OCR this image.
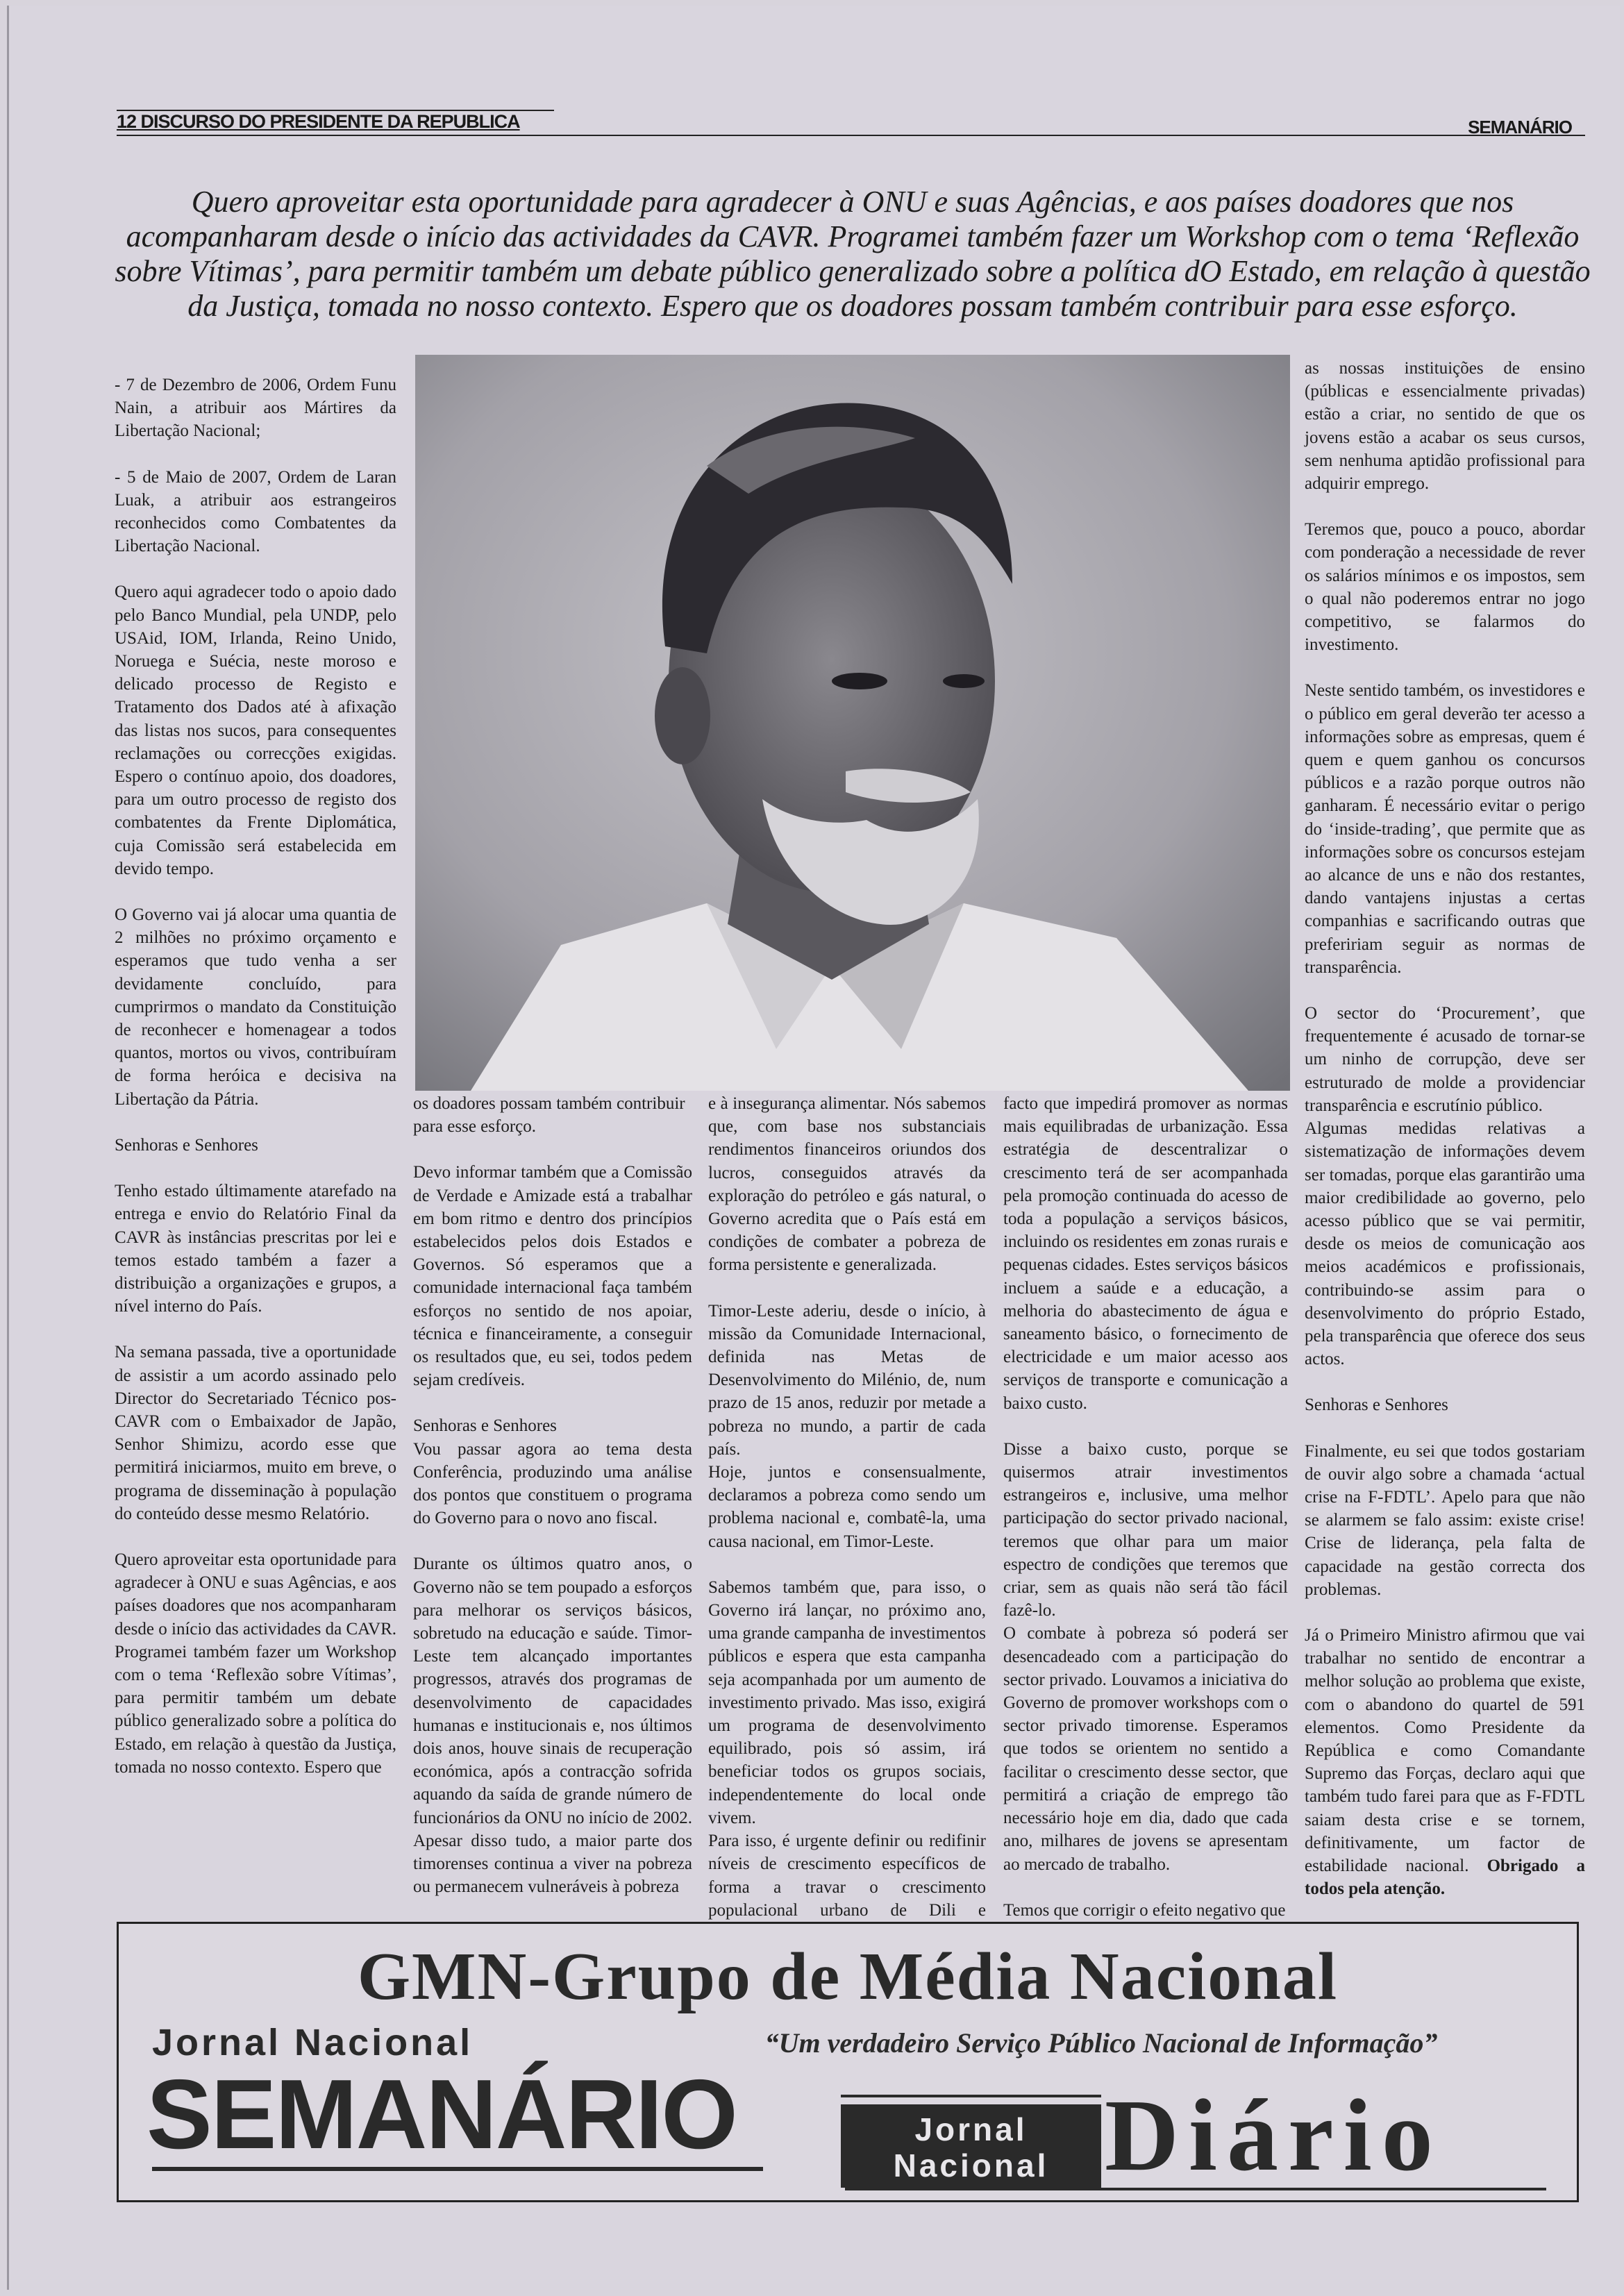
12 DISCURSO DO PRESIDENTE DA REPUBLICA	SEMANÁRIO
Quero aproveitar esta oportunidade para agradecer à ONU e suas Agências, e aos países doadores que nos acompanharam desde o início das actividades da CAVR. Programei também fazer um Workshop com o tema ‘Reflexão sobre Vítimas’, para permitir também um debate público generalizado sobre a política dO Estado, em relação à questão da Justiça, tomada no nosso contexto. Espero que os doadores possam também contribuir para esse esforço.

- 7 de Dezembro de 2006, Ordem Funu Nain, a atribuir aos Mártires da Libertação Nacional;

- 5 de Maio de 2007, Ordem de Laran Luak, a atribuir aos estrangeiros reconhecidos como Combatentes da Libertação Nacional.

Quero aqui agradecer todo o apoio dado pelo Banco Mundial, pela UNDP, pelo USAid, IOM, Irlanda, Reino Unido, Noruega e Suécia, neste moroso e delicado processo de Registo e Tratamento dos Dados até à afixação das listas nos sucos, para consequentes reclamações ou correcções exigidas. Espero o contínuo apoio, dos doadores, para um outro processo de registo dos combatentes da Frente Diplomática, cuja Comissão será estabelecida em devido tempo.

O Governo vai já alocar uma quantia de 2 milhões no próximo orçamento e esperamos que tudo venha a ser devidamente concluído, para cumprirmos o mandato da Constituição de reconhecer e homenagear a todos quantos, mortos ou vivos, contribuíram de forma heróica e decisiva na Libertação da Pátria.

Senhoras e Senhores

Tenho estado últimamente atarefado na entrega e envio do Relatório Final da CAVR às instâncias prescritas por lei e temos estado também a fazer a distribuição a organizações e grupos, a nível interno do País.

Na semana passada, tive a oportunidade de assistir a um acordo assinado pelo Director do Secretariado Técnico pos-CAVR com o Embaixador de Japão, Senhor Shimizu, acordo esse que permitirá iniciarmos, muito em breve, o programa de disseminação à população do conteúdo desse mesmo Relatório.

Quero aproveitar esta oportunidade para agradecer à ONU e suas Agências, e aos países doadores que nos acompanharam desde o início das actividades da CAVR. Programei também fazer um Workshop com o tema ‘Reflexão sobre Vítimas’, para permitir também um debate público generalizado sobre a política do Estado, em relação à questão da Justiça, tomada no nosso contexto. Espero que

os doadores possam também contribuir para esse esforço.

Devo informar também que a Comissão de Verdade e Amizade está a trabalhar em bom ritmo e dentro dos princípios estabelecidos pelos dois Estados e Governos. Só esperamos que a comunidade internacional faça também esforços no sentido de nos apoiar, técnica e financeiramente, a conseguir os resultados que, eu sei, todos pedem sejam credíveis.

Senhoras e Senhores

Vou passar agora ao tema desta Conferência, produzindo uma análise dos pontos que constituem o programa do Governo para o novo ano fiscal.

Durante os últimos quatro anos, o Governo não se tem poupado a esforços para melhorar os serviços básicos, sobretudo na educação e saúde. Timor-Leste tem alcançado importantes progressos, através dos programas de desenvolvimento de capacidades humanas e institucionais e, nos últimos dois anos, houve sinais de recuperação económica, após a contracção sofrida aquando da saída de grande número de funcionários da ONU no início de 2002.

Apesar disso tudo, a maior parte dos timorenses continua a viver na pobreza ou permanecem vulneráveis à pobreza

e à insegurança alimentar. Nós sabemos que, com base nos substanciais rendimentos financeiros oriundos dos lucros, conseguidos através da exploração do petróleo e gás natural, o Governo acredita que o País está em condições de combater a pobreza de forma persistente e generalizada.

Timor-Leste aderiu, desde o início, à missão da Comunidade Internacional, definida nas Metas de Desenvolvimento do Milénio, de, num prazo de 15 anos, reduzir por metade a pobreza no mundo, a partir de cada país.

Hoje, juntos e consensualmente, declaramos a pobreza como sendo um problema nacional e, combatê-la, uma causa nacional, em Timor-Leste.

Sabemos também que, para isso, o Governo irá lançar, no próximo ano, uma grande campanha de investimentos públicos e espera que esta campanha seja acompanhada por um aumento de investimento privado. Mas isso, exigirá um programa de desenvolvimento equilibrado, pois só assim, irá beneficiar todos os grupos sociais, independentemente do local onde vivem.

Para isso, é urgente definir ou redifinir níveis de crescimento específicos de forma a travar o crescimento populacional urbano de Dili e

facto que impedirá promover as normas mais equilibradas de urbanização. Essa estratégia de descentralizar o crescimento terá de ser acompanhada pela promoção continuada do acesso de toda a população a serviços básicos, incluindo os residentes em zonas rurais e pequenas cidades. Estes serviços básicos incluem a saúde e a educação, a melhoria do abastecimento de água e saneamento básico, o fornecimento de electricidade e um maior acesso aos serviços de transporte e comunicação a baixo custo.

Disse a baixo custo, porque se quisermos atrair investimentos estrangeiros e, inclusive, uma melhor participação do sector privado nacional, teremos que olhar para um maior espectro de condições que teremos que criar, sem as quais não será tão fácil fazê-lo.

O combate à pobreza só poderá ser desencadeado com a participação do sector privado. Louvamos a iniciativa do Governo de promover workshops com o sector privado timorense. Esperamos que todos se orientem no sentido a facilitar o crescimento desse sector, que permitirá a criação de emprego tão necessário hoje em dia, dado que cada ano, milhares de jovens se apresentam ao mercado de trabalho.

Temos que corrigir o efeito negativo que

as nossas instituições de ensino (públicas e essencialmente privadas) estão a criar, no sentido de que os jovens estão a acabar os seus cursos, sem nenhuma aptidão profissional para adquirir emprego.

Teremos que, pouco a pouco, abordar com ponderação a necessidade de rever os salários mínimos e os impostos, sem o qual não poderemos entrar no jogo competitivo, se falarmos do investimento.

Neste sentido também, os investidores e o público em geral deverão ter acesso a informações sobre as empresas, quem é quem e quem ganhou os concursos públicos e a razão porque outros não ganharam. É necessário evitar o perigo do ‘inside-trading’, que permite que as informações sobre os concursos estejam ao alcance de uns e não dos restantes, dando vantajens injustas a certas companhias e sacrificando outras que prefeririam seguir as normas de transparência.

O sector do ‘Procurement’, que frequentemente é acusado de tornar-se um ninho de corrupção, deve ser estruturado de molde a providenciar transparência e escrutínio público.

Algumas medidas relativas a sistematização de informações devem ser tomadas, porque elas garantirão uma maior credibilidade ao governo, pelo acesso público que se vai permitir, desde os meios de comunicação aos meios académicos e profissionais, contribuindo-se assim para o desenvolvimento do próprio Estado, pela transparência que oferece dos seus actos.

Senhoras e Senhores

Finalmente, eu sei que todos gostariam de ouvir algo sobre a chamada ‘actual crise na F-FDTL’. Apelo para que não se alarmem se falo assim: existe crise! Crise de liderança, pela falta de capacidade na gestão correcta dos problemas.

Já o Primeiro Ministro afirmou que vai trabalhar no sentido de encontrar a melhor solução ao problema que existe, com o abandono do quartel de 591 elementos. Como Presidente da República e como Comandante Supremo das Forças, declaro aqui que também tudo farei para que as F-FDTL saiam desta crise e se tornem, definitivamente, um factor de estabilidade nacional. Obrigado a todos pela atenção.

GMN-Grupo de Média Nacional
Jornal Nacional	“Um verdadeiro Serviço Público Nacional de Informação”
SEMANÁRIO	Jornal
Nacional Diário
